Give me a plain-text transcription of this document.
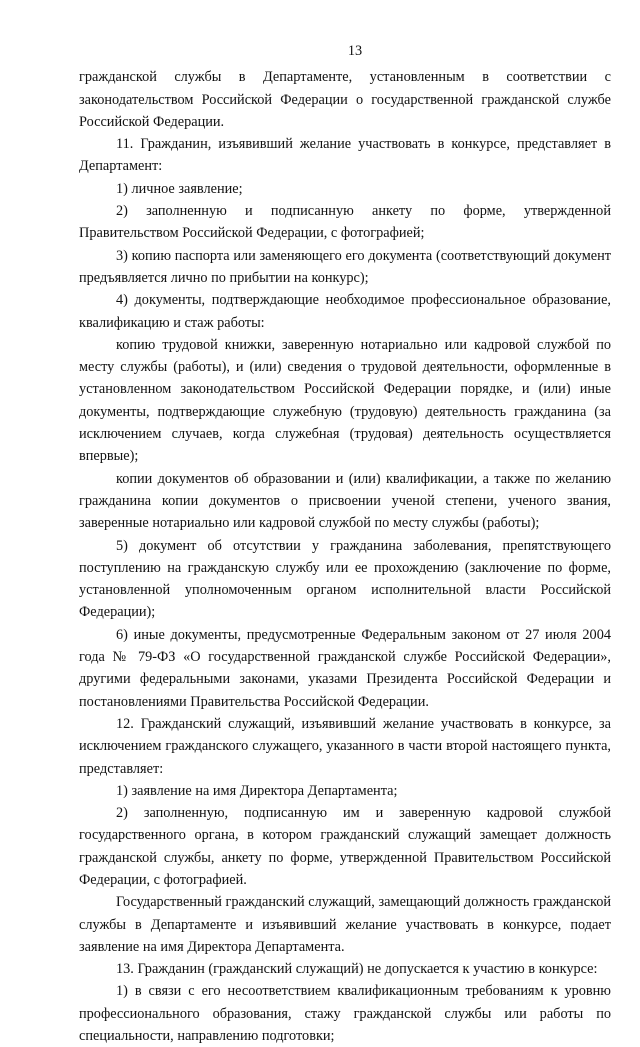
13

гражданской службы в Департаменте, установленным в соответствии с законодательством Российской Федерации о государственной гражданской службе Российской Федерации.

11. Гражданин, изъявивший желание участвовать в конкурсе, представляет в Департамент:

1) личное заявление;

2) заполненную и подписанную анкету по форме, утвержденной Правительством Российской Федерации, с фотографией;

3) копию паспорта или заменяющего его документа (соответствующий документ предъявляется лично по прибытии на конкурс);

4) документы, подтверждающие необходимое профессиональное образование, квалификацию и стаж работы:

копию трудовой книжки, заверенную нотариально или кадровой службой по месту службы (работы), и (или) сведения о трудовой деятельности, оформленные в установленном законодательством Российской Федерации порядке, и (или) иные документы, подтверждающие служебную (трудовую) деятельность гражданина (за исключением случаев, когда служебная (трудовая) деятельность осуществляется впервые);

копии документов об образовании и (или) квалификации, а также по желанию гражданина копии документов о присвоении ученой степени, ученого звания, заверенные нотариально или кадровой службой по месту службы (работы);

5) документ об отсутствии у гражданина заболевания, препятствующего поступлению на гражданскую службу или ее прохождению (заключение по форме, установленной уполномоченным органом исполнительной власти Российской Федерации);

6) иные документы, предусмотренные Федеральным законом от 27 июля 2004 года № 79-ФЗ «О государственной гражданской службе Российской Федерации», другими федеральными законами, указами Президента Российской Федерации и постановлениями Правительства Российской Федерации.

12. Гражданский служащий, изъявивший желание участвовать в конкурсе, за исключением гражданского служащего, указанного в части второй настоящего пункта, представляет:

1) заявление на имя Директора Департамента;

2) заполненную, подписанную им и заверенную кадровой службой государственного органа, в котором гражданский служащий замещает должность гражданской службы, анкету по форме, утвержденной Правительством Российской Федерации, с фотографией.

Государственный гражданский служащий, замещающий должность гражданской службы в Департаменте и изъявивший желание участвовать в конкурсе, подает заявление на имя Директора Департамента.

13. Гражданин (гражданский служащий) не допускается к участию в конкурсе:

1) в связи с его несоответствием квалификационным требованиям к уровню профессионального образования, стажу гражданской службы или работы по специальности, направлению подготовки;
